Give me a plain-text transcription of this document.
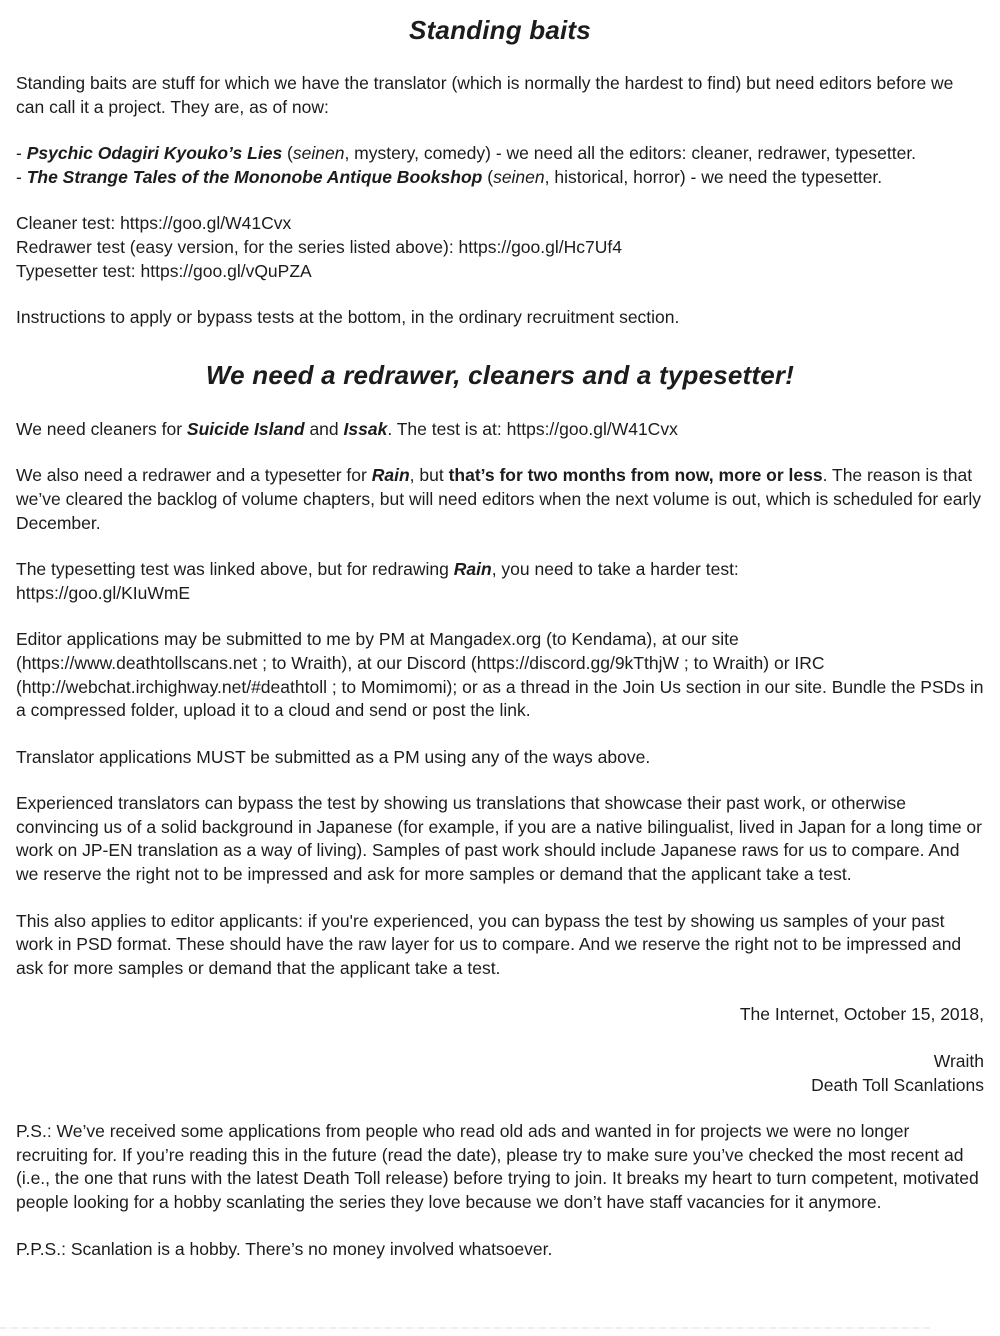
Standing baits

Standing baits are stuff for which we have the translator (which is normally the hardest to find) but need editors before we can call it a project. They are, as of now:

- Psychic Odagiri Kyouko’s Lies (seinen, mystery, comedy) - we need all the editors: cleaner, redrawer, typesetter.
- The Strange Tales of the Mononobe Antique Bookshop (seinen, historical, horror) - we need the typesetter.
Cleaner test: https://goo.gl/W41Cvx
Redrawer test (easy version, for the series listed above): https://goo.gl/Hc7Uf4
Typesetter test: https://goo.gl/vQuPZA

Instructions to apply or bypass tests at the bottom, in the ordinary recruitment section.

We need a redrawer, cleaners and a typesetter!

We need cleaners for Suicide Island and Issak. The test is at: https://goo.gl/W41Cvx

We also need a redrawer and a typesetter for Rain, but that’s for two months from now, more or less. The reason is that we’ve cleared the backlog of volume chapters, but will need editors when the next volume is out, which is scheduled for early December.

The typesetting test was linked above, but for redrawing Rain, you need to take a harder test:
https://goo.gl/KIuWmE

Editor applications may be submitted to me by PM at Mangadex.org (to Kendama), at our site (https://www.deathtollscans.net ; to Wraith), at our Discord (https://discord.gg/9kTthjW ; to Wraith) or IRC (http://webchat.irchighway.net/#deathtoll ; to Momimomi); or as a thread in the Join Us section in our site. Bundle the PSDs in a compressed folder, upload it to a cloud and send or post the link.

Translator applications MUST be submitted as a PM using any of the ways above.

Experienced translators can bypass the test by showing us translations that showcase their past work, or otherwise convincing us of a solid background in Japanese (for example, if you are a native bilingualist, lived in Japan for a long time or work on JP-EN translation as a way of living). Samples of past work should include Japanese raws for us to compare. And we reserve the right not to be impressed and ask for more samples or demand that the applicant take a test.

This also applies to editor applicants: if you're experienced, you can bypass the test by showing us samples of your past work in PSD format. These should have the raw layer for us to compare. And we reserve the right not to be impressed and ask for more samples or demand that the applicant take a test.

The Internet, October 15, 2018,

Wraith
Death Toll Scanlations

P.S.: We’ve received some applications from people who read old ads and wanted in for projects we were no longer recruiting for. If you’re reading this in the future (read the date), please try to make sure you’ve checked the most recent ad (i.e., the one that runs with the latest Death Toll release) before trying to join. It breaks my heart to turn competent, motivated people looking for a hobby scanlating the series they love because we don’t have staff vacancies for it anymore.

P.P.S.: Scanlation is a hobby. There’s no money involved whatsoever.
